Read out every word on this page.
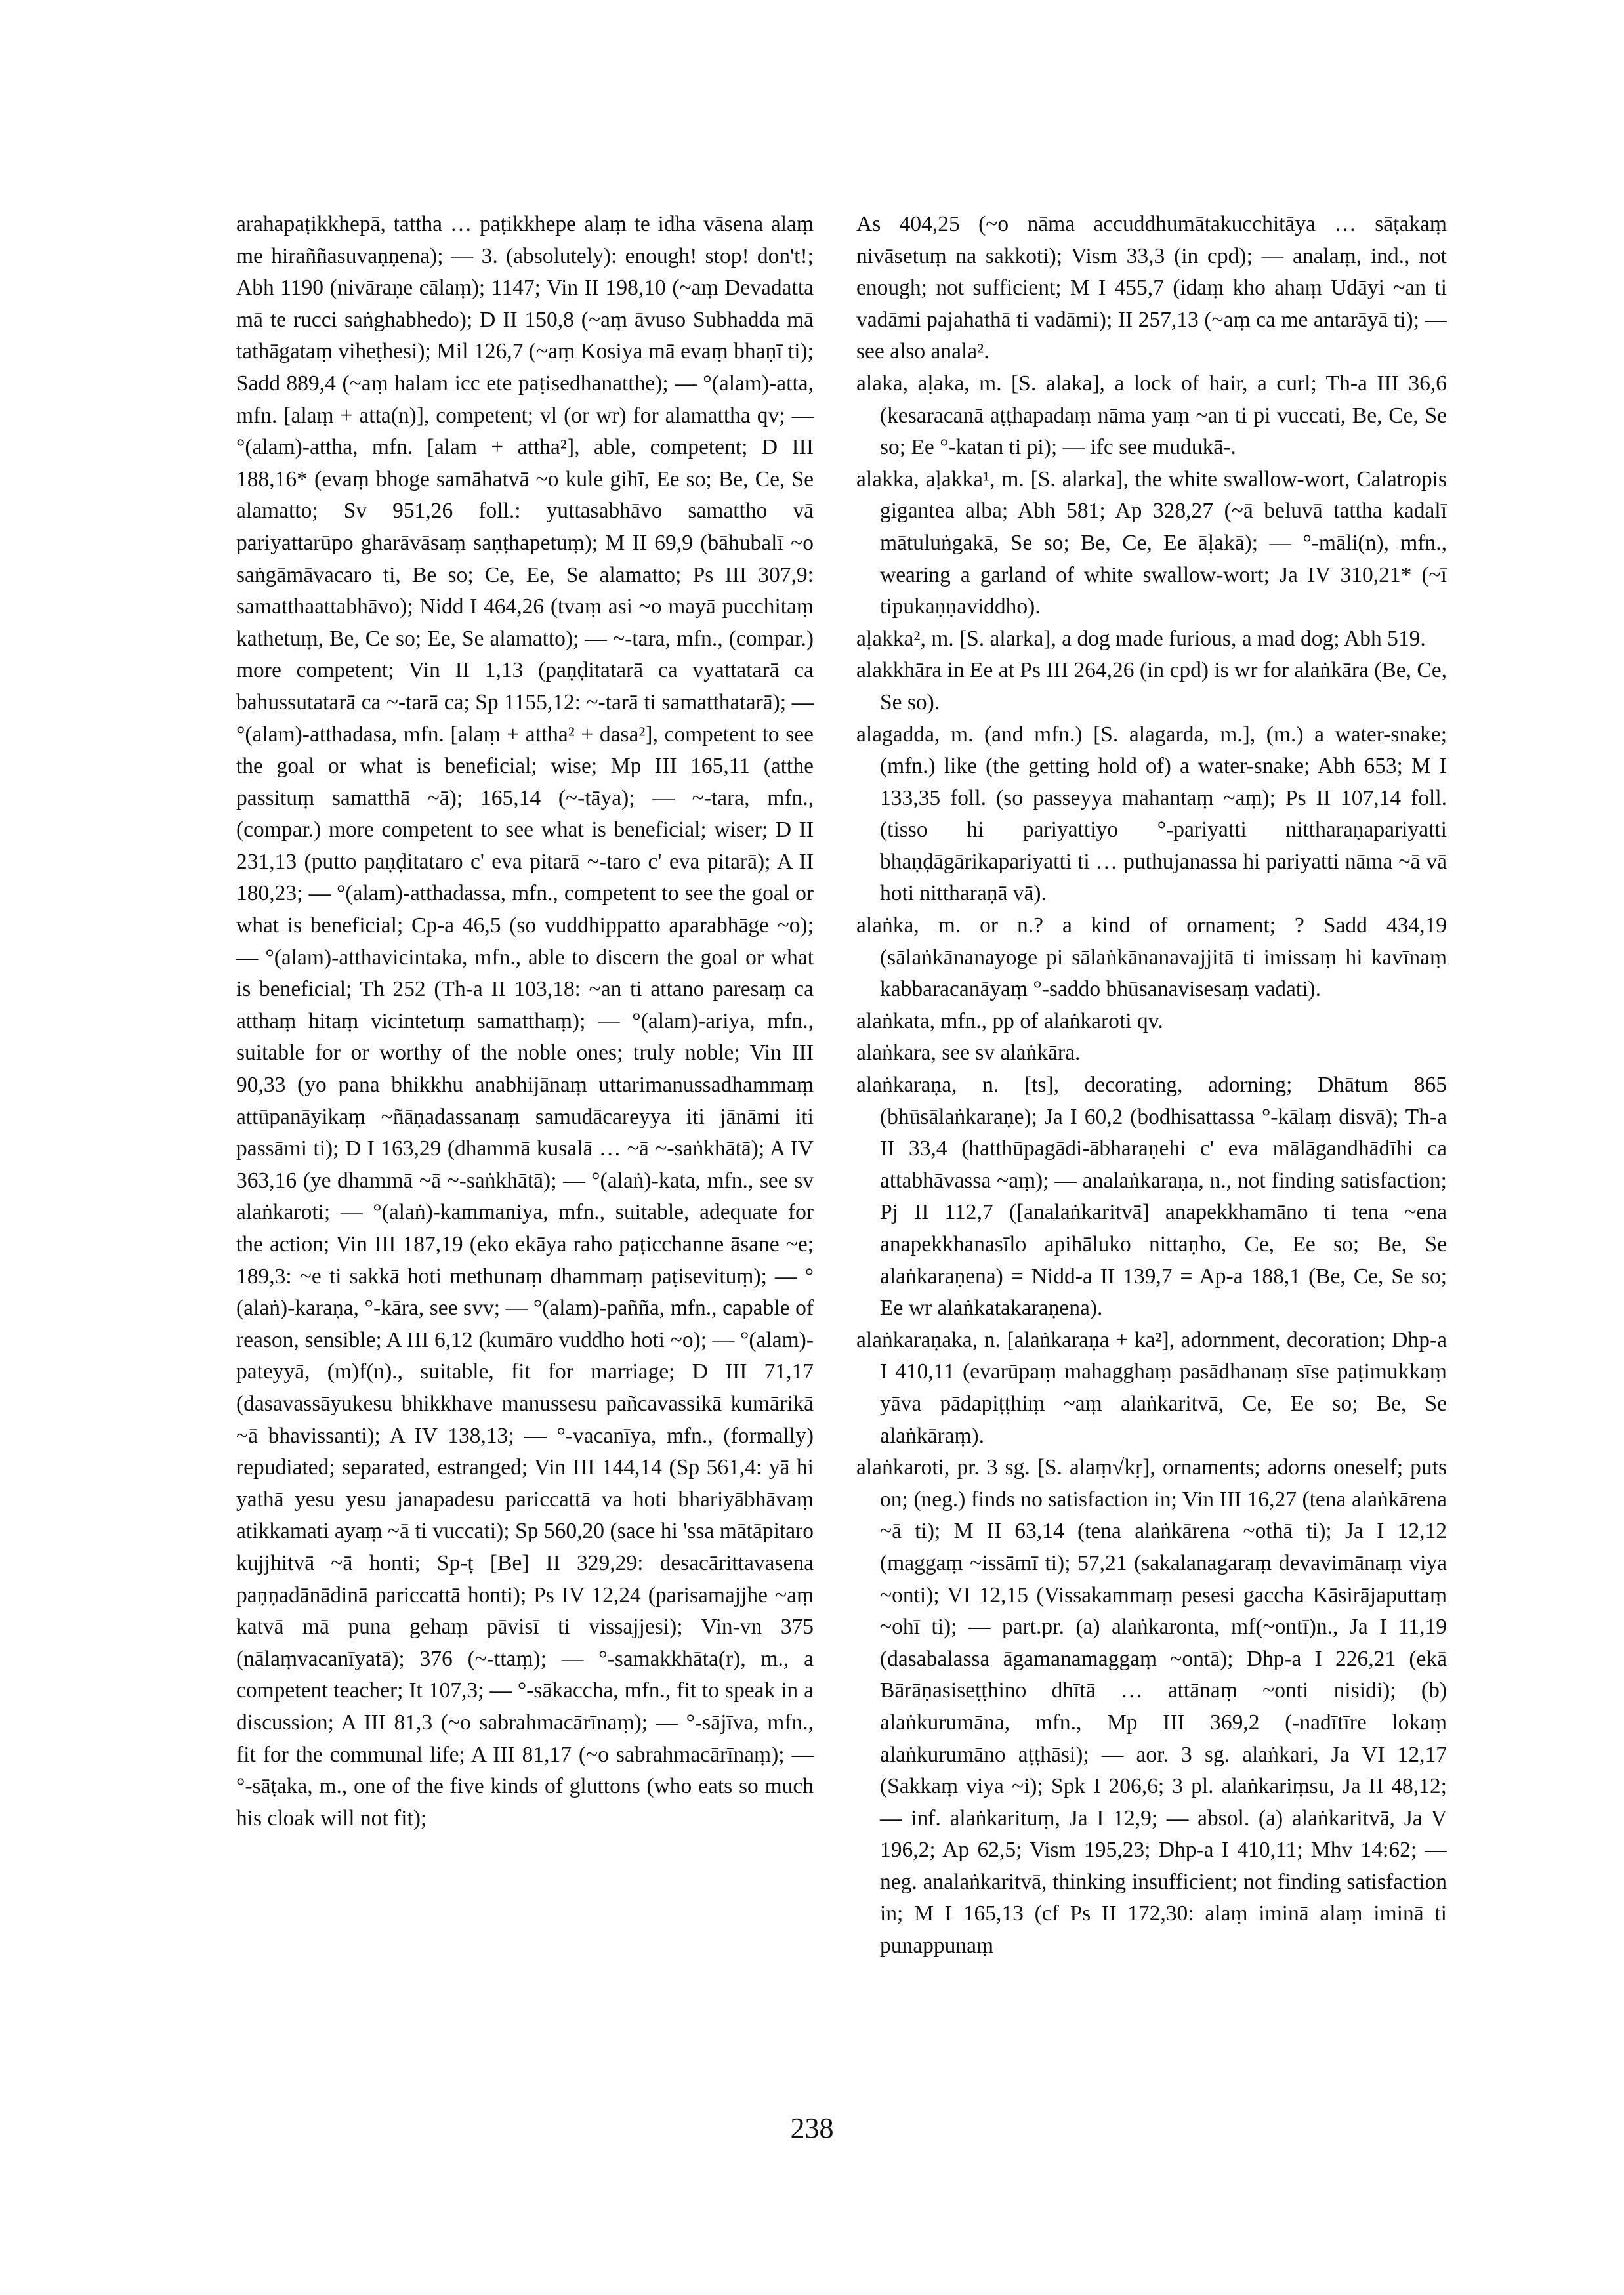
arahapaṭikkhepā, tattha … paṭikkhepe alaṃ te idha vāsena alaṃ me hiraññasuvaṇṇena); — 3. (absolutely): enough! stop! don't!; Abh 1190 (nivāraṇe cālaṃ); 1147; Vin II 198,10 (~aṃ Devadatta mā te rucci saṅghabhedo); D II 150,8 (~aṃ āvuso Subhadda mā tathāgataṃ viheṭhesi); Mil 126,7 (~aṃ Kosiya mā evaṃ bhaṇī ti); Sadd 889,4 (~aṃ halam icc ete paṭisedhanatthe); — °(alam)-atta, mfn. [alaṃ + atta(n)], competent; vl (or wr) for alamattha qv; — °(alam)-attha, mfn. [alam + attha²], able, competent; D III 188,16* (evaṃ bhoge samāhatvā ~o kule gihī, Ee so; Be, Ce, Se alamatto; Sv 951,26 foll.: yuttasabhāvo samattho vā pariyattarūpo gharāvāsaṃ saṇṭhapetuṃ); M II 69,9 (bāhubalī ~o saṅgāmāvacaro ti, Be so; Ce, Ee, Se alamatto; Ps III 307,9: samatthaattabhāvo); Nidd I 464,26 (tvaṃ asi ~o mayā pucchitaṃ kathetuṃ, Be, Ce so; Ee, Se alamatto); — ~-tara, mfn., (compar.) more competent; Vin II 1,13 (paṇḍitatarā ca vyattatarā ca bahussutatarā ca ~-tarā ca; Sp 1155,12: ~-tarā ti samatthatarā); — °(alam)-atthadasa, mfn. [alaṃ + attha² + dasa²], competent to see the goal or what is beneficial; wise; Mp III 165,11 (atthe passituṃ samatthā ~ā); 165,14 (~-tāya); — ~-tara, mfn., (compar.) more competent to see what is beneficial; wiser; D II 231,13 (putto paṇḍitataro c' eva pitarā ~-taro c' eva pitarā); A II 180,23; — °(alam)-atthadassa, mfn., competent to see the goal or what is beneficial; Cp-a 46,5 (so vuddhippatto aparabhāge ~o); — °(alam)-atthavicintaka, mfn., able to discern the goal or what is beneficial; Th 252 (Th-a II 103,18: ~an ti attano paresaṃ ca atthaṃ hitaṃ vicintetuṃ samatthaṃ); — °(alam)-ariya, mfn., suitable for or worthy of the noble ones; truly noble; Vin III 90,33 (yo pana bhikkhu anabhijānaṃ uttarimanussadhammaṃ attūpanāyikaṃ ~ñāṇadassanaṃ samudācareyya iti jānāmi iti passāmi ti); D I 163,29 (dhammā kusalā … ~ā ~-saṅkhātā); A IV 363,16 (ye dhammā ~ā ~-saṅkhātā); — °(alaṅ)-kata, mfn., see sv alaṅkaroti; — °(alaṅ)-kammaniya, mfn., suitable, adequate for the action; Vin III 187,19 (eko ekāya raho paṭicchanne āsane ~e; 189,3: ~e ti sakkā hoti methunaṃ dhammaṃ paṭisevituṃ); — °(alaṅ)-karaṇa, °-kāra, see svv; — °(alam)-pañña, mfn., capable of reason, sensible; A III 6,12 (kumāro vuddho hoti ~o); — °(alam)-pateyyā, (m)f(n)., suitable, fit for marriage; D III 71,17 (dasavassāyukesu bhikkhave manussesu pañcavassikā kumārikā ~ā bhavissanti); A IV 138,13; — °-vacanīya, mfn., (formally) repudiated; separated, estranged; Vin III 144,14 (Sp 561,4: yā hi yathā yesu yesu janapadesu pariccattā va hoti bhariyābhāvaṃ atikkamati ayaṃ ~ā ti vuccati); Sp 560,20 (sace hi 'ssa mātāpitaro kujjhitvā ~ā honti; Sp-ṭ [Be] II 329,29: desacārittavasena paṇṇadānādinā pariccattā honti); Ps IV 12,24 (parisamajjhe ~aṃ katvā mā puna gehaṃ pāvisī ti vissajjesi); Vin-vn 375 (nālaṃvacanīyatā); 376 (~-ttaṃ); — °-samakkhāta(r), m., a competent teacher; It 107,3; — °-sākaccha, mfn., fit to speak in a discussion; A III 81,3 (~o sabrahmacārīnaṃ); — °-sājīva, mfn., fit for the communal life; A III 81,17 (~o sabrahmacārīnaṃ); — °-sāṭaka, m., one of the five kinds of gluttons (who eats so much his cloak will not fit);

As 404,25 (~o nāma accuddhumātakucchitāya … sāṭakaṃ nivāsetuṃ na sakkoti); Vism 33,3 (in cpd); — analaṃ, ind., not enough; not sufficient; M I 455,7 (idaṃ kho ahaṃ Udāyi ~an ti vadāmi pajahathā ti vadāmi); II 257,13 (~aṃ ca me antarāyā ti); — see also anala².

alaka, aḷaka, m. [S. alaka], a lock of hair, a curl; Th-a III 36,6 (kesaracanā aṭṭhapadaṃ nāma yaṃ ~an ti pi vuccati, Be, Ce, Se so; Ee °-katan ti pi); — ifc see mudukā-.

alakka, aḷakka¹, m. [S. alarka], the white swallow-wort, Calatropis gigantea alba; Abh 581; Ap 328,27 (~ā beluvā tattha kadalī mātuluṅgakā, Se so; Be, Ce, Ee āḷakā); — °-māli(n), mfn., wearing a garland of white swallow-wort; Ja IV 310,21* (~ī tipukaṇṇaviddho).

aḷakka², m. [S. alarka], a dog made furious, a mad dog; Abh 519.

alakkhāra in Ee at Ps III 264,26 (in cpd) is wr for alaṅkāra (Be, Ce, Se so).

alagadda, m. (and mfn.) [S. alagarda, m.], (m.) a water-snake; (mfn.) like (the getting hold of) a water-snake; Abh 653; M I 133,35 foll. (so passeyya mahantaṃ ~aṃ); Ps II 107,14 foll. (tisso hi pariyattiyo °-pariyatti nittharaṇapariyatti bhaṇḍāgārikapariyatti ti … puthujanassa hi pariyatti nāma ~ā vā hoti nittharaṇā vā).

alaṅka, m. or n.? a kind of ornament; ? Sadd 434,19 (sālaṅkānanayoge pi sālaṅkānanavajjitā ti imissaṃ hi kavīnaṃ kabbaracanāyaṃ °-saddo bhūsanavisesaṃ vadati).

alaṅkata, mfn., pp of alaṅkaroti qv.

alaṅkara, see sv alaṅkāra.

alaṅkaraṇa, n. [ts], decorating, adorning; Dhātum 865 (bhūsālaṅkaraṇe); Ja I 60,2 (bodhisattassa °-kālaṃ disvā); Th-a II 33,4 (hatthūpagādi-ābharaṇehi c' eva mālāgandhādīhi ca attabhāvassa ~aṃ); — analaṅkaraṇa, n., not finding satisfaction; Pj II 112,7 ([analaṅkaritvā] anapekkhamāno ti tena ~ena anapekkhanasīlo apihāluko nittaṇho, Ce, Ee so; Be, Se alaṅkaraṇena) = Nidd-a II 139,7 = Ap-a 188,1 (Be, Ce, Se so; Ee wr alaṅkatakaraṇena).

alaṅkaraṇaka, n. [alaṅkaraṇa + ka²], adornment, decoration; Dhp-a I 410,11 (evarūpaṃ mahagghaṃ pasādhanaṃ sīse paṭimukkaṃ yāva pādapiṭṭhiṃ ~aṃ alaṅkaritvā, Ce, Ee so; Be, Se alaṅkāraṃ).

alaṅkaroti, pr. 3 sg. [S. alaṃ√kṛ], ornaments; adorns oneself; puts on; (neg.) finds no satisfaction in; Vin III 16,27 (tena alaṅkārena ~ā ti); M II 63,14 (tena alaṅkārena ~othā ti); Ja I 12,12 (maggaṃ ~issāmī ti); 57,21 (sakalanagaraṃ devavimānaṃ viya ~onti); VI 12,15 (Vissakammaṃ pesesi gaccha Kāsirājaputtaṃ ~ohī ti); — part.pr. (a) alaṅkaronta, mf(~ontī)n., Ja I 11,19 (dasabalassa āgamanamaggaṃ ~ontā); Dhp-a I 226,21 (ekā Bārāṇasiseṭṭhino dhītā … attānaṃ ~onti nisidi); (b) alaṅkurumāna, mfn., Mp III 369,2 (-nadītīre lokaṃ alaṅkurumāno aṭṭhāsi); — aor. 3 sg. alaṅkari, Ja VI 12,17 (Sakkaṃ viya ~i); Spk I 206,6; 3 pl. alaṅkariṃsu, Ja II 48,12; — inf. alaṅkarituṃ, Ja I 12,9; — absol. (a) alaṅkaritvā, Ja V 196,2; Ap 62,5; Vism 195,23; Dhp-a I 410,11; Mhv 14:62; — neg. analaṅkaritvā, thinking insufficient; not finding satisfaction in; M I 165,13 (cf Ps II 172,30: alaṃ iminā alaṃ iminā ti punappunaṃ

238
